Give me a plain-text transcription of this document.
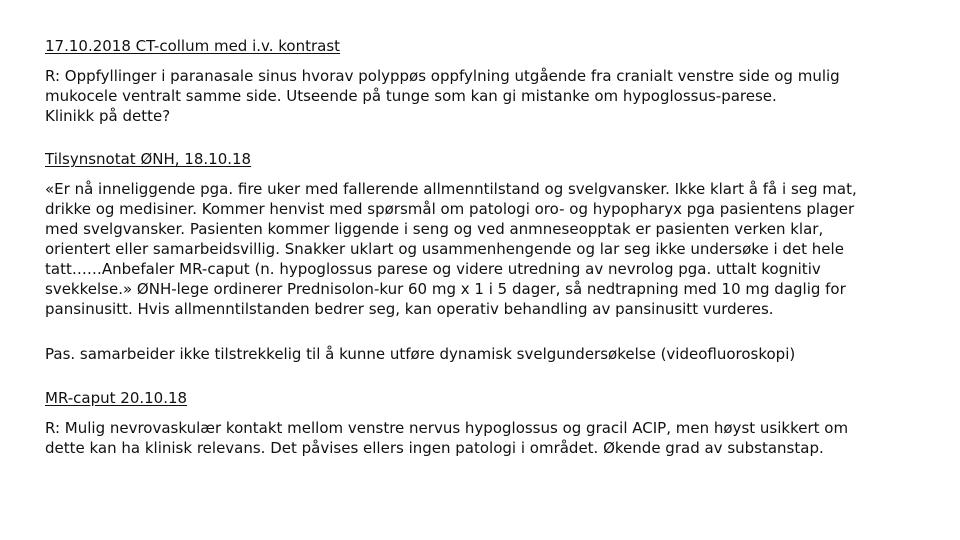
17.10.2018 CT-collum med i.v. kontrast

R: Oppfyllinger i paranasale sinus hvorav polyppøs oppfylning utgående fra cranialt venstre side og mulig
mukocele ventralt samme side. Utseende på tunge som kan gi mistanke om hypoglossus-parese.
Klinikk på dette?

Tilsynsnotat ØNH, 18.10.18

«Er nå inneliggende pga. fire uker med fallerende allmenntilstand og svelgvansker. Ikke klart å få i seg mat,
drikke og medisiner. Kommer henvist med spørsmål om patologi oro- og hypopharyx pga pasientens plager
med svelgvansker. Pasienten kommer liggende i seng og ved anmneseopptak er pasienten verken klar,
orientert eller samarbeidsvillig. Snakker uklart og usammenhengende og lar seg ikke undersøke i det hele
tatt……Anbefaler MR-caput (n. hypoglossus parese og videre utredning av nevrolog pga. uttalt kognitiv
svekkelse.» ØNH-lege ordinerer Prednisolon-kur 60 mg x 1 i 5 dager, så nedtrapning med 10 mg daglig for
pansinusitt. Hvis allmenntilstanden bedrer seg, kan operativ behandling av pansinusitt vurderes.

Pas. samarbeider ikke tilstrekkelig til å kunne utføre dynamisk svelgundersøkelse (videofluoroskopi)

MR-caput 20.10.18

R: Mulig nevrovaskulær kontakt mellom venstre nervus hypoglossus og gracil ACIP, men høyst usikkert om
dette kan ha klinisk relevans. Det påvises ellers ingen patologi i området. Økende grad av substanstap.
